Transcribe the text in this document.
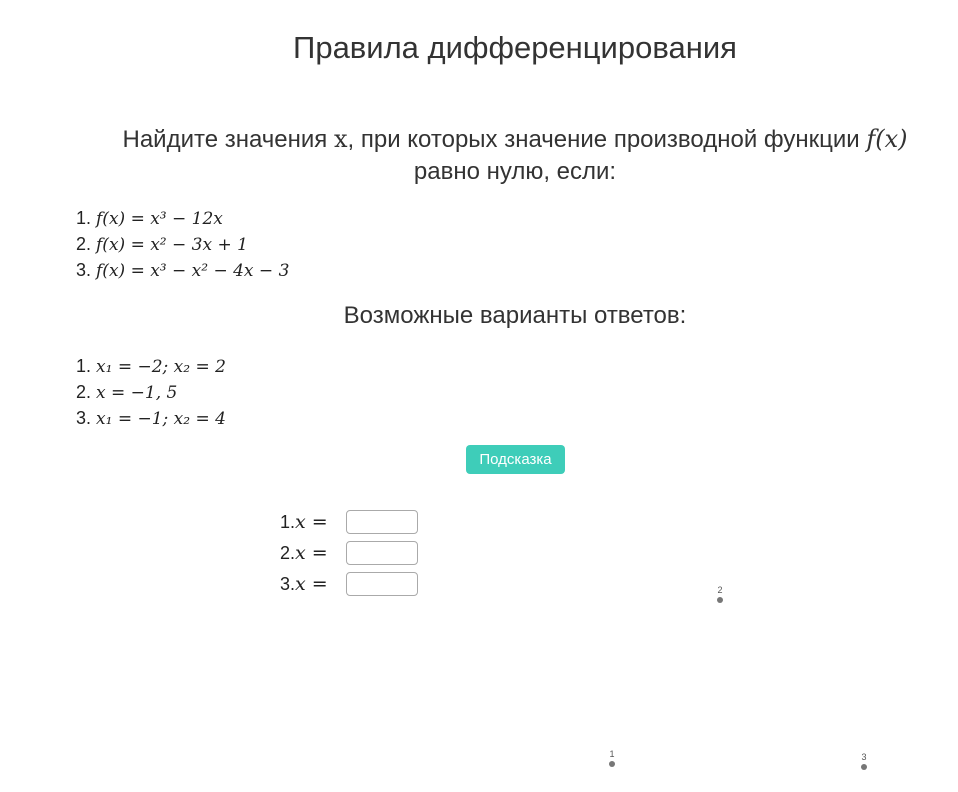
Правила дифференцирования
Найдите значения x, при которых значение производной функции f(x) равно нулю, если:
1. f(x) = x³ − 12x
2. f(x) = x² − 3x + 1
3. f(x) = x³ − x² − 4x − 3
Возможные варианты ответов:
1. x₁ = −2; x₂ = 2
2. x = −1, 5
3. x₁ = −1; x₂ = 4
Подсказка
1.x =
2.x =
3.x =
1
2
3
